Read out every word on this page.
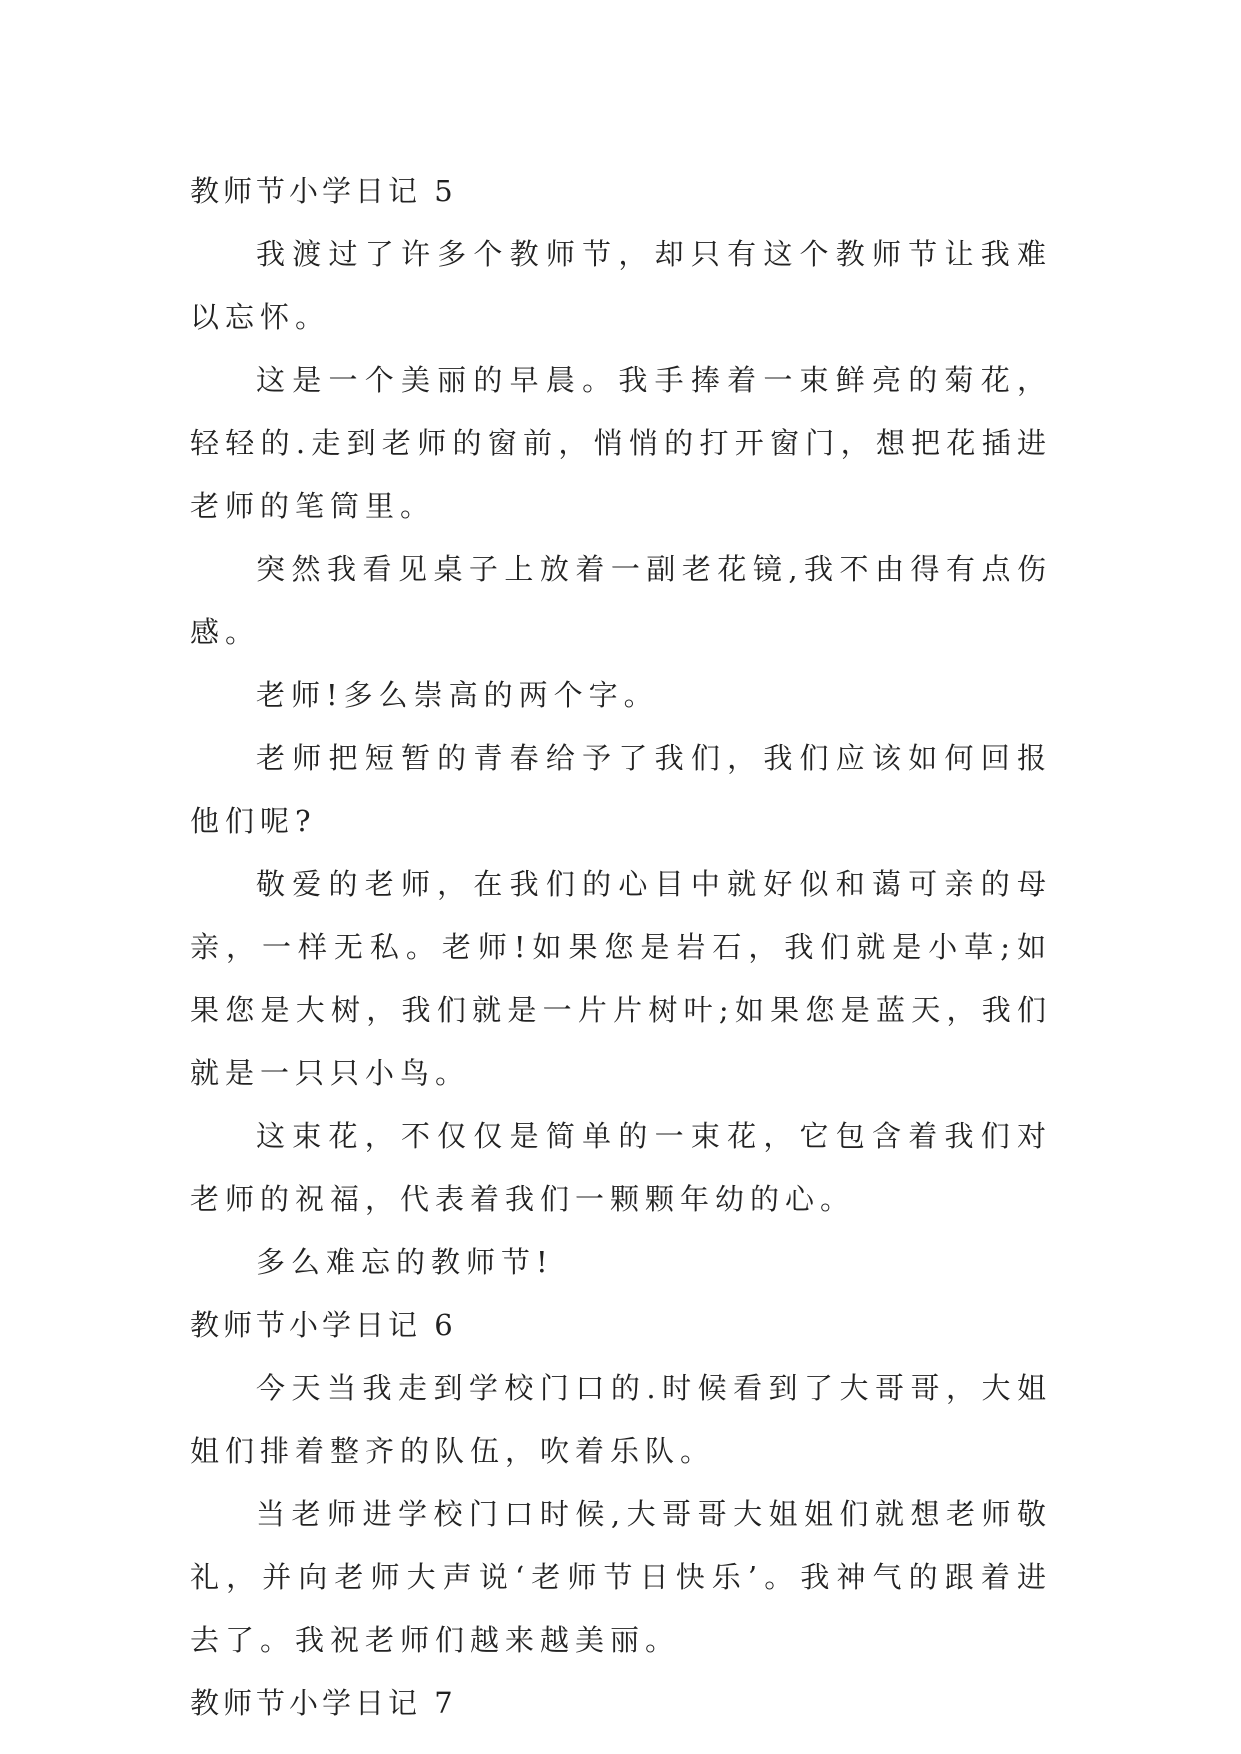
教师节小学日记 5

我渡过了许多个教师节，却只有这个教师节让我难以忘怀。

这是一个美丽的早晨。我手捧着一束鲜亮的菊花，轻轻的.走到老师的窗前，悄悄的打开窗门，想把花插进老师的笔筒里。

突然我看见桌子上放着一副老花镜,我不由得有点伤感。

老师!多么崇高的两个字。

老师把短暂的青春给予了我们，我们应该如何回报他们呢?

敬爱的老师，在我们的心目中就好似和蔼可亲的母亲，一样无私。老师!如果您是岩石，我们就是小草;如果您是大树，我们就是一片片树叶;如果您是蓝天，我们就是一只只小鸟。

这束花，不仅仅是简单的一束花，它包含着我们对老师的祝福，代表着我们一颗颗年幼的心。

多么难忘的教师节!

教师节小学日记 6

今天当我走到学校门口的.时候看到了大哥哥，大姐姐们排着整齐的队伍，吹着乐队。

当老师进学校门口时候,大哥哥大姐姐们就想老师敬礼，并向老师大声说‘老师节日快乐’。我神气的跟着进去了。我祝老师们越来越美丽。

教师节小学日记 7
